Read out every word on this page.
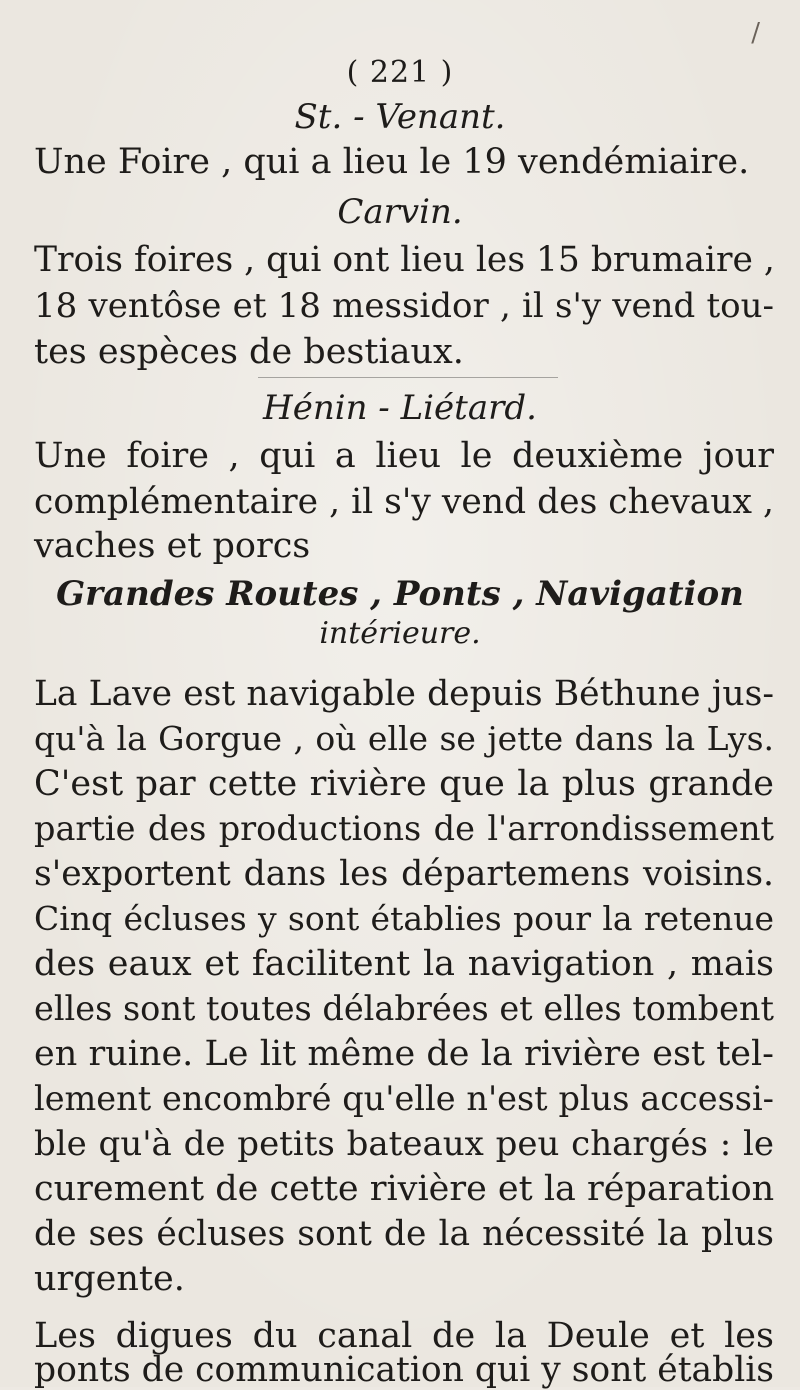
/
( 221 )
St. - Venant.
Une Foire , qui a lieu le 19 vendémiaire.
Carvin.
Trois foires , qui ont lieu les 15 brumaire ,
18 ventôse et 18 messidor , il s'y vend tou-
tes espèces de bestiaux.
Hénin - Liétard.
Une foire , qui a lieu le deuxième jour
complémentaire , il s'y vend des chevaux ,
vaches et porcs
Grandes Routes , Ponts , Navigation
intérieure.
La Lave est navigable depuis Béthune jus-
qu'à la Gorgue , où elle se jette dans la Lys.
C'est par cette rivière que la plus grande
partie des productions de l'arrondissement
s'exportent dans les départemens voisins.
Cinq écluses y sont établies pour la retenue
des eaux et facilitent la navigation , mais
elles sont toutes délabrées et elles tombent
en ruine. Le lit même de la rivière est tel-
lement encombré qu'elle n'est plus accessi-
ble qu'à de petits bateaux peu chargés : le
curement de cette rivière et la réparation
de ses écluses sont de la nécessité la plus
urgente.
Les digues du canal de la Deule et les
ponts de communication qui y sont établis
